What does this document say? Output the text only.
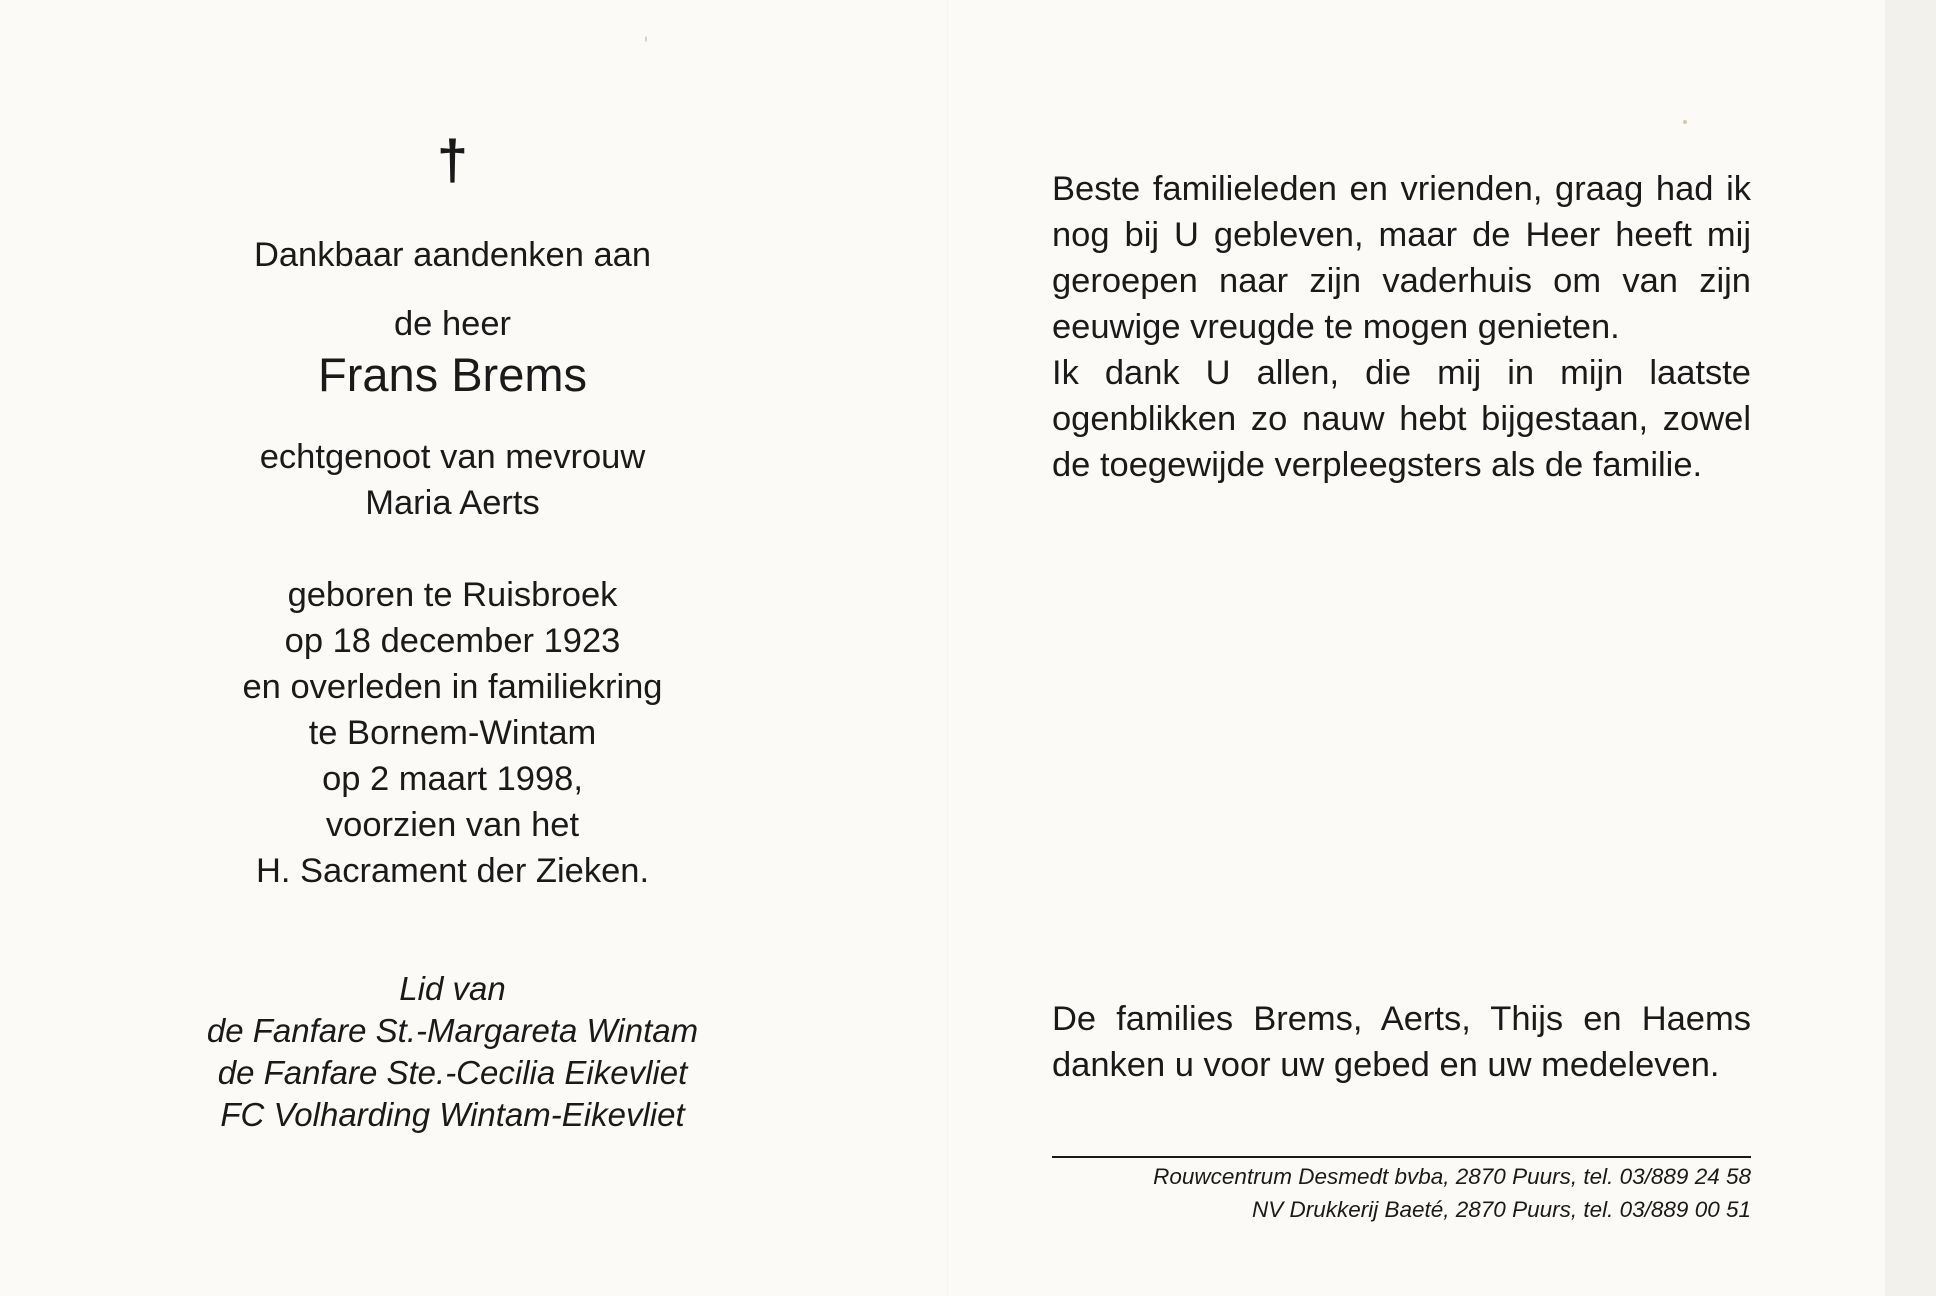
†
Dankbaar aandenken aan
de heer
Frans Brems
echtgenoot van mevrouw
Maria Aerts
geboren te Ruisbroek
op 18 december 1923
en overleden in familiekring
te Bornem-Wintam
op 2 maart 1998,
voorzien van het
H. Sacrament der Zieken.
Lid van
de Fanfare St.-Margareta Wintam
de Fanfare Ste.-Cecilia Eikevliet
FC Volharding Wintam-Eikevliet
Beste familieleden en vrienden, graag had ik nog bij U gebleven, maar de Heer heeft mij geroepen naar zijn vaderhuis om van zijn eeuwige vreugde te mogen genieten.
Ik dank U allen, die mij in mijn laatste ogenblikken zo nauw hebt bijgestaan, zowel de toegewijde verpleegsters als de familie.
De families Brems, Aerts, Thijs en Haems danken u voor uw gebed en uw medeleven.
Rouwcentrum Desmedt bvba, 2870 Puurs, tel. 03/889 24 58
NV Drukkerij Baeté, 2870 Puurs, tel. 03/889 00 51
